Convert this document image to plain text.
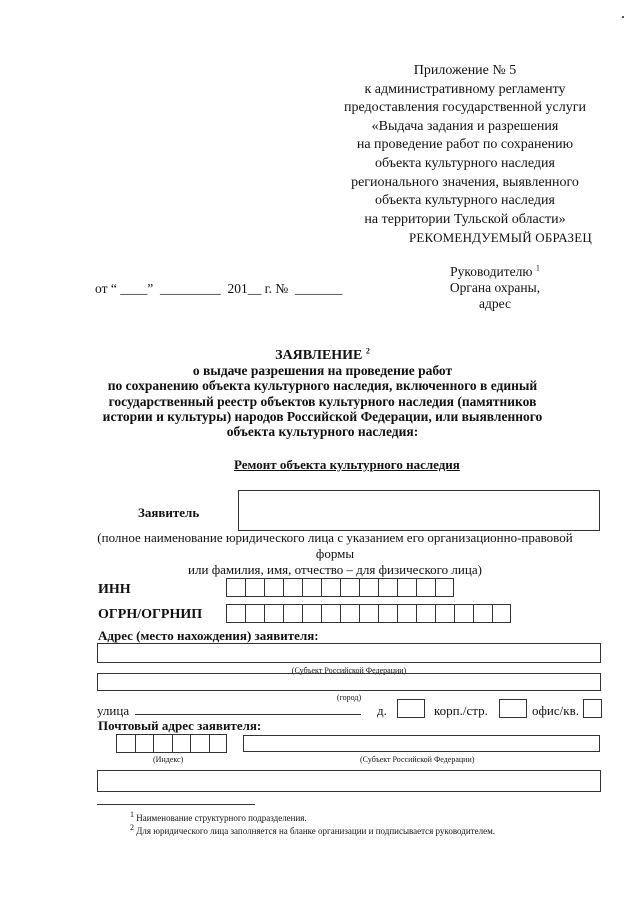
Приложение № 5
к административному регламенту
предоставления государственной услуги
«Выдача задания и разрешения
на проведение работ по сохранению
объекта культурного наследия
регионального значения, выявленного
объекта культурного наследия
на территории Тульской области»
РЕКОМЕНДУЕМЫЙ ОБРАЗЕЦ
Руководителю $^1$
Органа охраны,
адрес
от “ ____”  _________  201__ г. №  _______
ЗАЯВЛЕНИЕ $^2$
о выдаче разрешения на проведение работ
по сохранению объекта культурного наследия, включенного в единый
государственный реестр объектов культурного наследия (памятников
истории и культуры) народов Российской Федерации, или выявленного
объекта культурного наследия:
Ремонт объекта культурного наследия
Заявитель
(полное наименование юридического лица с указанием его организационно-правовой
формы
или фамилия, имя, отчество – для физического лица)
ИНН
ОГРН/ОГРНИП
Адрес (место нахождения) заявителя:
(Субъект Российской Федерации)
(город)
улица	д.	корп./стр.	офис/кв.
Почтовый адрес заявителя:
(Индекс)	(Субъект Российской Федерации)
$^1$ Наименование структурного подразделения.
$^2$ Для юридического лица заполняется на бланке организации и подписывается руководителем.
